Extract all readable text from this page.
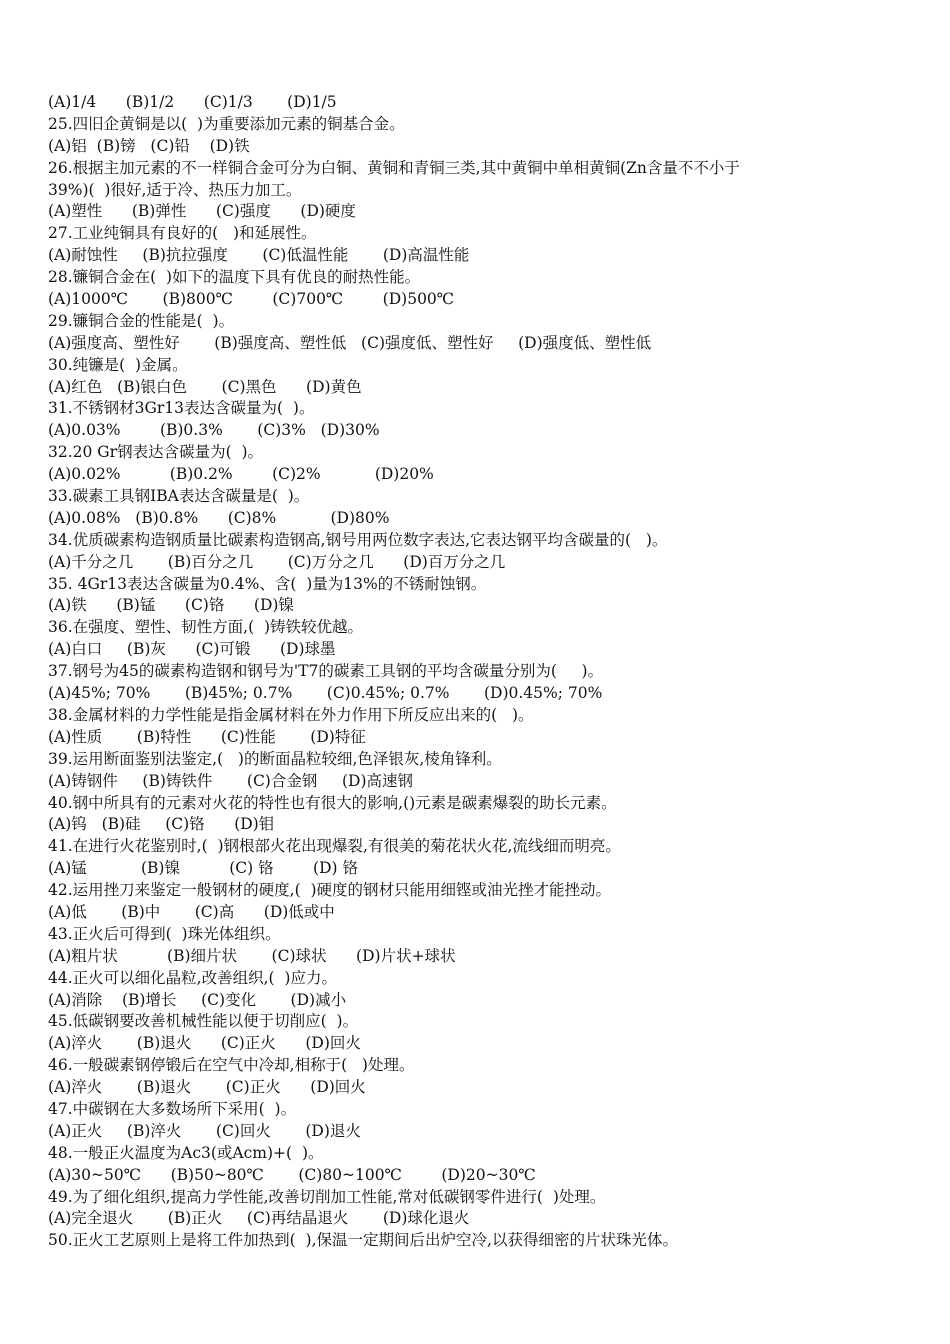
(A)1/4      (B)1/2      (C)1/3       (D)1/5
25.四旧企黄铜是以(  )为重要添加元素的铜基合金。
(A)铝  (B)镑   (C)铅    (D)铁
26.根据主加元素的不一样铜合金可分为白铜、黄铜和青铜三类,其中黄铜中单相黄铜(Zn含量不不小于
39%)(  )很好,适于冷、热压力加工。
(A)塑性      (B)弹性      (C)强度      (D)硬度
27.工业纯铜具有良好的(   )和延展性。
(A)耐蚀性     (B)抗拉强度       (C)低温性能       (D)高温性能
28.镰铜合金在(  )如下的温度下具有优良的耐热性能。
(A)1000℃       (B)800℃        (C)700℃        (D)500℃
29.镰铜合金的性能是(  )。
(A)强度高、塑性好       (B)强度高、塑性低   (C)强度低、塑性好     (D)强度低、塑性低
30.纯镰是(  )金属。
(A)红色   (B)银白色       (C)黑色      (D)黄色
31.不锈钢材3Gr13表达含碳量为(  )。
(A)0.03%        (B)0.3%       (C)3%   (D)30%
32.20 Gr钢表达含碳量为(  )。
(A)0.02%          (B)0.2%        (C)2%           (D)20%
33.碳素工具钢IBA表达含碳量是(  )。
(A)0.08%   (B)0.8%      (C)8%           (D)80%
34.优质碳素构造钢质量比碳素构造钢高,钢号用两位数字表达,它表达钢平均含碳量的(   )。
(A)千分之几       (B)百分之几       (C)万分之几      (D)百万分之几
35. 4Gr13表达含碳量为0.4%、含(  )量为13%的不锈耐蚀钢。
(A)铁      (B)锰      (C)铬      (D)镍
36.在强度、塑性、韧性方面,(  )铸铁较优越。
(A)白口     (B)灰      (C)可锻      (D)球墨
37.钢号为45的碳素构造钢和钢号为'T7的碳素工具钢的平均含碳量分别为(     )。
(A)45%; 70%       (B)45%; 0.7%       (C)0.45%; 0.7%       (D)0.45%; 70%
38.金属材料的力学性能是指金属材料在外力作用下所反应出来的(   )。
(A)性质       (B)特性      (C)性能       (D)特征
39.运用断面鉴别法鉴定,(   )的断面晶粒较细,色泽银灰,棱角锋利。
(A)铸钢件     (B)铸铁件       (C)合金钢     (D)高速钢
40.钢中所具有的元素对火花的特性也有很大的影响,()元素是碳素爆裂的助长元素。
(A)钨   (B)硅     (C)铬      (D)钼
41.在进行火花鉴别时,(  )钢根部火花出现爆裂,有很美的菊花状火花,流线细而明亮。
(A)锰           (B)镍          (C) 铬        (D) 铬
42.运用挫刀来鉴定一般钢材的硬度,(  )硬度的钢材只能用细铿或油光挫才能挫动。
(A)低       (B)中       (C)高      (D)低或中
43.正火后可得到(  )珠光体组织。
(A)粗片状          (B)细片状       (C)球状      (D)片状+球状
44.正火可以细化晶粒,改善组织,(  )应力。
(A)消除    (B)增长     (C)变化       (D)减小
45.低碳钢要改善机械性能以便于切削应(  )。
(A)淬火       (B)退火      (C)正火      (D)回火
46.一般碳素钢停锻后在空气中冷却,相称于(   )处理。
(A)淬火       (B)退火       (C)正火      (D)回火
47.中碳钢在大多数场所下采用(  )。
(A)正火     (B)淬火       (C)回火       (D)退火
48.一般正火温度为Ac3(或Acm)+(  )。
(A)30~50℃      (B)50~80℃       (C)80~100℃        (D)20~30℃
49.为了细化组织,提高力学性能,改善切削加工性能,常对低碳钢零件进行(  )处理。
(A)完全退火       (B)正火     (C)再结晶退火       (D)球化退火
50.正火工艺原则上是将工件加热到(  ),保温一定期间后出炉空冷,以获得细密的片状珠光体。
